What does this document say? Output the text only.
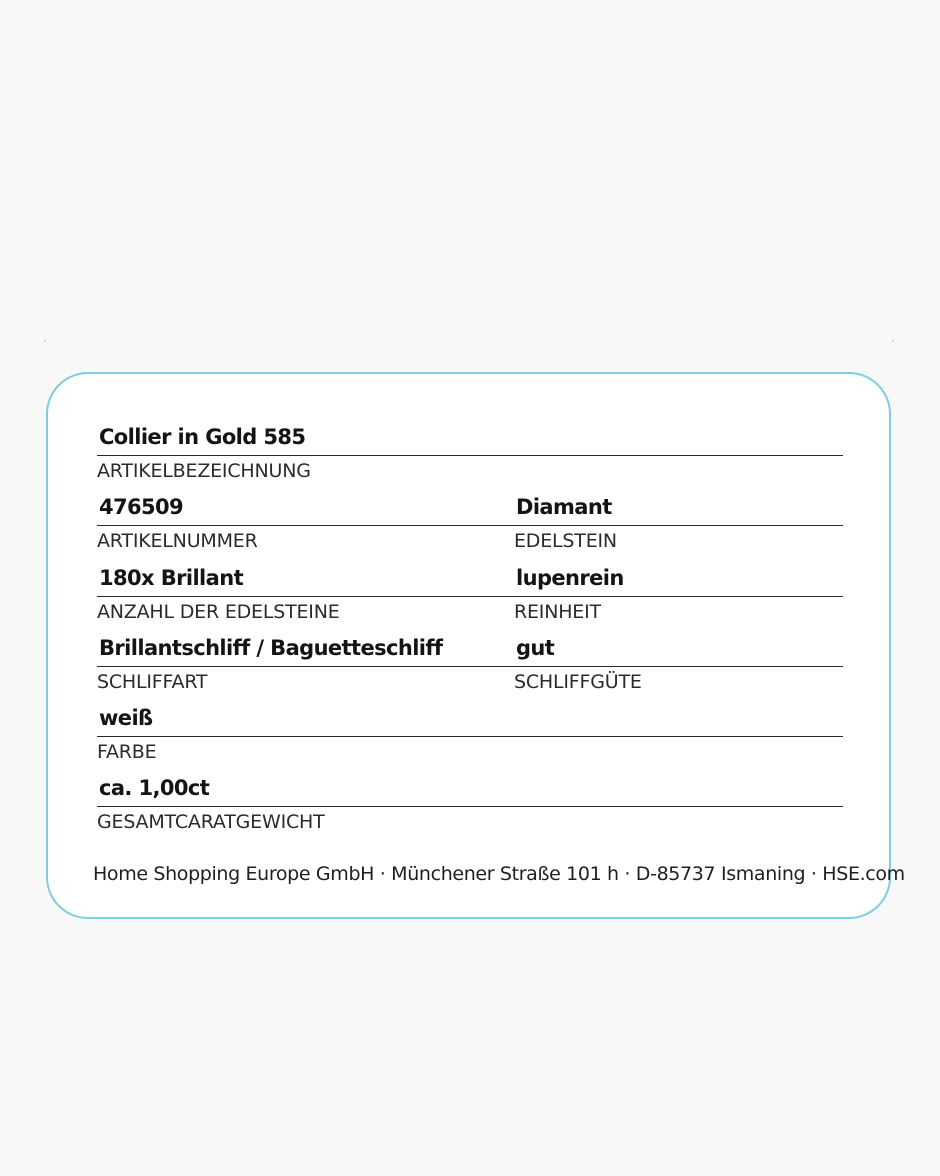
Collier in Gold 585
ARTIKELBEZEICHNUNG
476509
ARTIKELNUMMER
Diamant
EDELSTEIN
180x Brillant
ANZAHL DER EDELSTEINE
lupenrein
REINHEIT
Brillantschliff / Baguetteschliff
SCHLIFFART
gut
SCHLIFFGÜTE
weiß
FARBE
ca. 1,00ct
GESAMTCARATGEWICHT
Home Shopping Europe GmbH · Münchener Straße 101 h · D-85737 Ismaning · HSE.com
